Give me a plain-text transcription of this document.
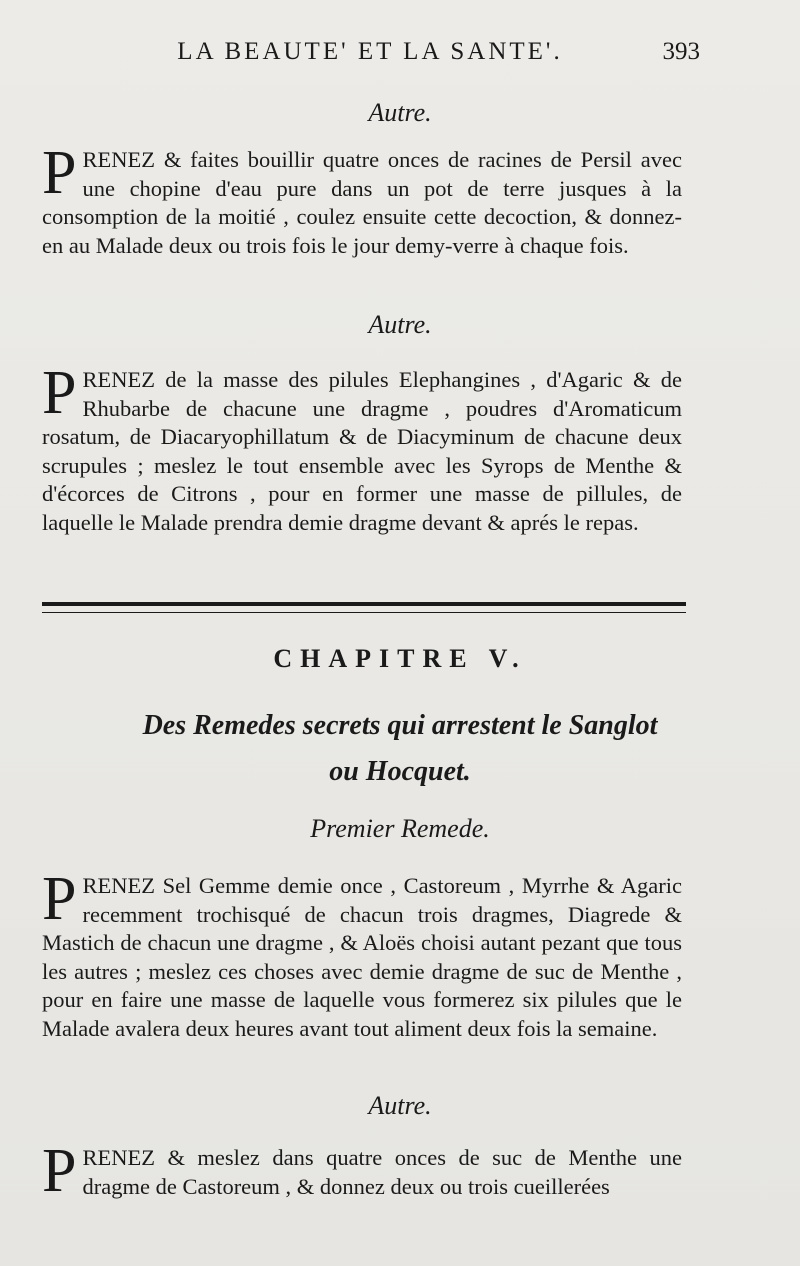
LA BEAUTE' ET LA SANTE'.	393
Autre.
PRENEZ & faites bouillir quatre onces de racines de Persil avec une chopine d'eau pure dans un pot de terre jusques à la consomption de la moitié , coulez ensuite cette decoction, & donnez-en au Malade deux ou trois fois le jour demy-verre à chaque fois.
Autre.
PRENEZ de la masse des pilules Elephangines , d'Agaric & de Rhubarbe de chacune une dragme , poudres d'Aromaticum rosatum, de Diacaryophillatum & de Diacyminum de chacune deux scrupules ; meslez le tout ensemble avec les Syrops de Menthe & d'écorces de Citrons , pour en former une masse de pillules, de laquelle le Malade prendra demie dragme devant & aprés le repas.
CHAPITRE V.
Des Remedes secrets qui arrestent le Sanglot
ou Hocquet.
Premier Remede.
PRENEZ Sel Gemme demie once , Castoreum , Myrrhe & Agaric recemment trochisqué de chacun trois dragmes, Diagrede & Mastich de chacun une dragme , & Aloës choisi autant pezant que tous les autres ; meslez ces choses avec demie dragme de suc de Menthe , pour en faire une masse de laquelle vous formerez six pilules que le Malade avalera deux heures avant tout aliment deux fois la semaine.
Autre.
PRENEZ & meslez dans quatre onces de suc de Menthe une dragme de Castoreum , & donnez deux ou trois cueillerées
